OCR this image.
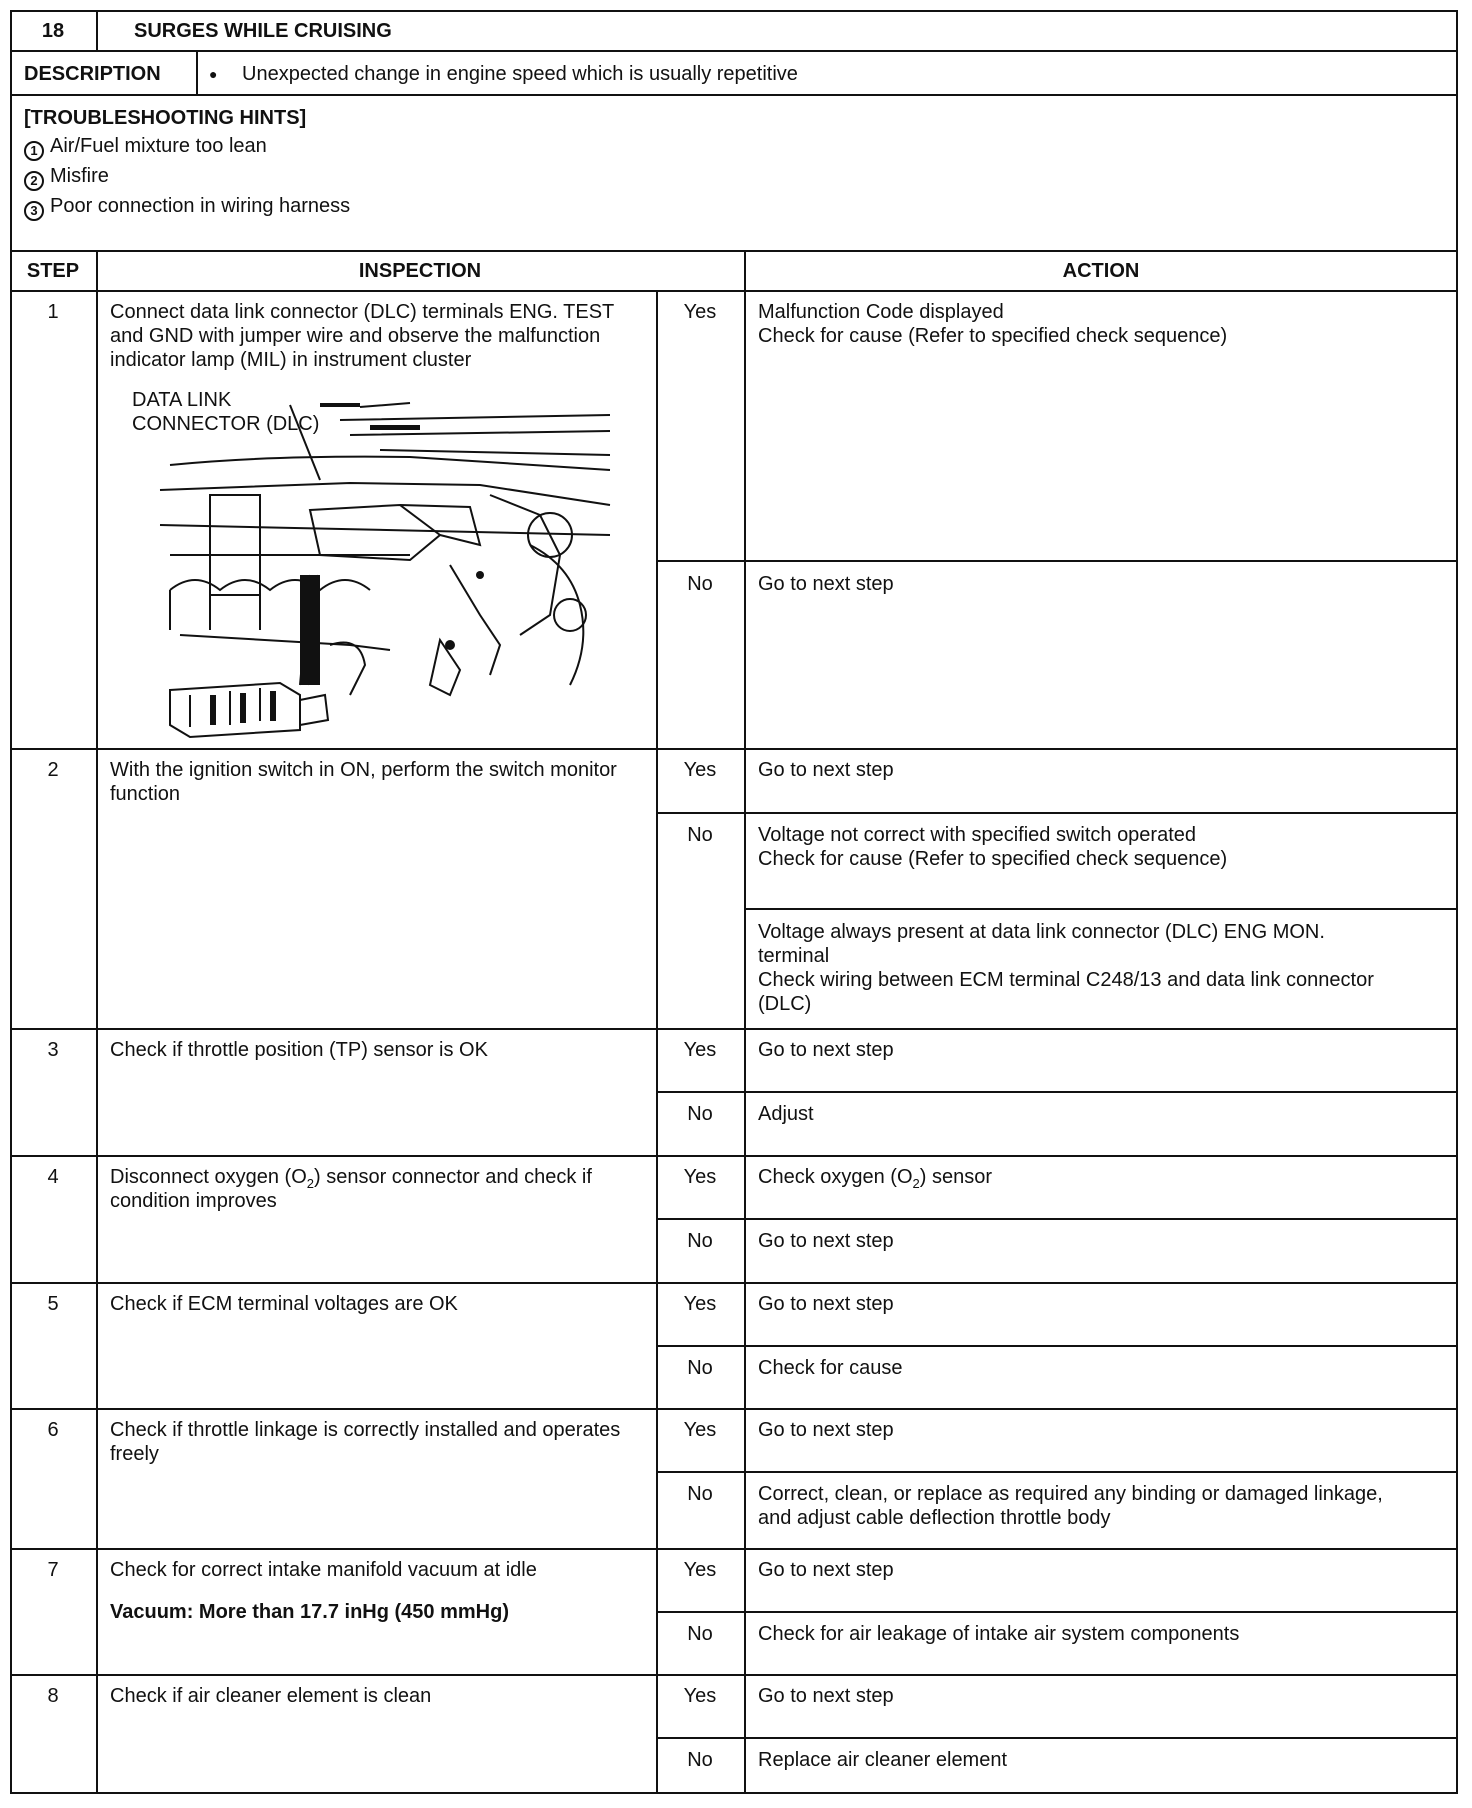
18	SURGES WHILE CRUISING
DESCRIPTION	● Unexpected change in engine speed which is usually repetitive
[TROUBLESHOOTING HINTS]
1 Air/Fuel mixture too lean
2 Misfire
3 Poor connection in wiring harness
STEP	INSPECTION	ACTION
1	Connect data link connector (DLC) terminals ENG. TEST and GND with jumper wire and observe the malfunction indicator lamp (MIL) in instrument cluster
Yes	Malfunction Code displayed
Check for cause (Refer to specified check sequence)
No	Go to next step
DATA LINK
CONNECTOR (DLC)
2	With the ignition switch in ON, perform the switch monitor function
Yes	Go to next step
No	Voltage not correct with specified switch operated
Check for cause (Refer to specified check sequence)
Voltage always present at data link connector (DLC) ENG MON. terminal
Check wiring between ECM terminal C248/13 and data link connector (DLC)
3	Check if throttle position (TP) sensor is OK	Yes	Go to next step
No	Adjust
4	Disconnect oxygen $(O_2)$ sensor connector and check if condition improves
Yes	Check oxygen $(O_2)$ sensor
No	Go to next step
5	Check if ECM terminal voltages are OK	Yes	Go to next step
No	Check for cause
6	Check if throttle linkage is correctly installed and operates freely
Yes	Go to next step
No	Correct, clean, or replace as required any binding or damaged linkage, and adjust cable deflection throttle body
7	Check for correct intake manifold vacuum at idle
Vacuum: More than 17.7 inHg (450 mmHg)
Yes	Go to next step
No	Check for air leakage of intake air system components
8	Check if air cleaner element is clean	Yes	Go to next step
No	Replace air cleaner element
